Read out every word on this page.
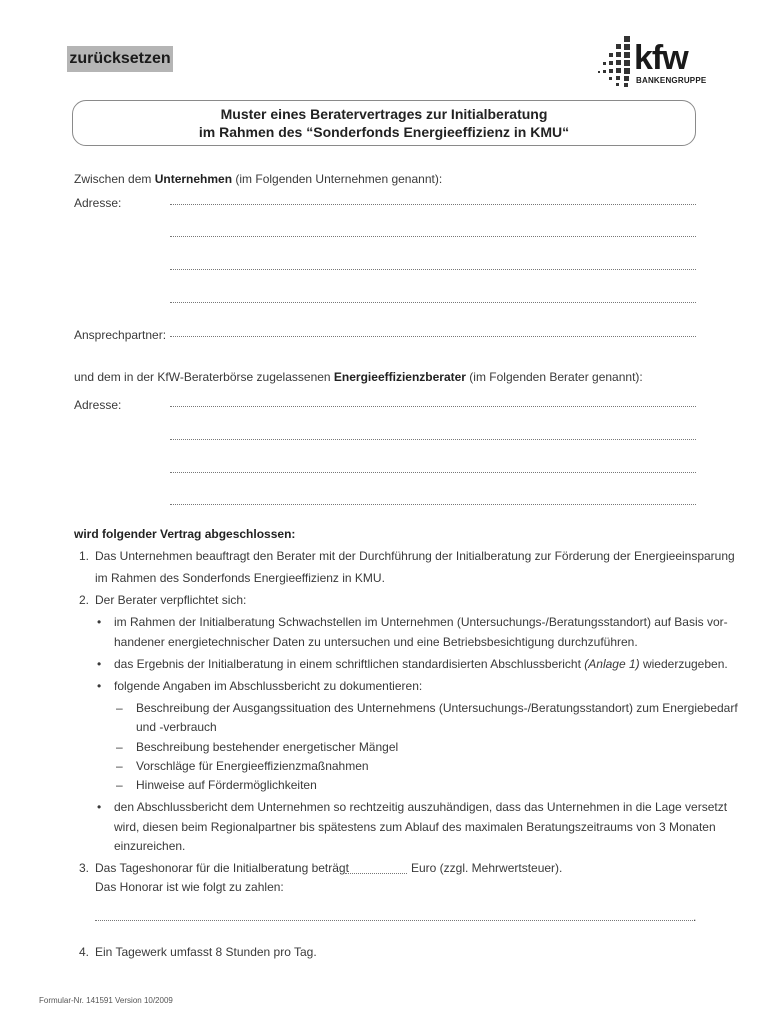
zurücksetzen	kfw
BANKENGRUPPE
Muster eines Beratervertrages zur Initialberatung
im Rahmen des “Sonderfonds Energieeffizienz in KMU“
Zwischen dem Unternehmen (im Folgenden Unternehmen genannt):
Adresse:
Ansprechpartner:
und dem in der KfW-Beraterbörse zugelassenen Energieeffizienzberater (im Folgenden Berater genannt):
Adresse:
wird folgender Vertrag abgeschlossen:
1. Das Unternehmen beauftragt den Berater mit der Durchführung der Initialberatung zur Förderung der Energieeinsparung
im Rahmen des Sonderfonds Energieeffizienz in KMU.
2. Der Berater verpflichtet sich:
• im Rahmen der Initialberatung Schwachstellen im Unternehmen (Untersuchungs-/Beratungsstandort) auf Basis vor-
handener energietechnischer Daten zu untersuchen und eine Betriebsbesichtigung durchzuführen.
• das Ergebnis der Initialberatung in einem schriftlichen standardisierten Abschlussbericht (Anlage 1) wiederzugeben.
• folgende Angaben im Abschlussbericht zu dokumentieren:
– Beschreibung der Ausgangssituation des Unternehmens (Untersuchungs-/Beratungsstandort) zum Energiebedarf
und -verbrauch
– Beschreibung bestehender energetischer Mängel
– Vorschläge für Energieeffizienzmaßnahmen
– Hinweise auf Fördermöglichkeiten
• den Abschlussbericht dem Unternehmen so rechtzeitig auszuhändigen, dass das Unternehmen in die Lage versetzt
wird, diesen beim Regionalpartner bis spätestens zum Ablauf des maximalen Beratungszeitraums von 3 Monaten
einzureichen.
3. Das Tageshonorar für die Initialberatung beträgt	Euro (zzgl. Mehrwertsteuer).
Das Honorar ist wie folgt zu zahlen:
.
4. Ein Tagewerk umfasst 8 Stunden pro Tag.
Formular-Nr. 141591 Version 10/2009
